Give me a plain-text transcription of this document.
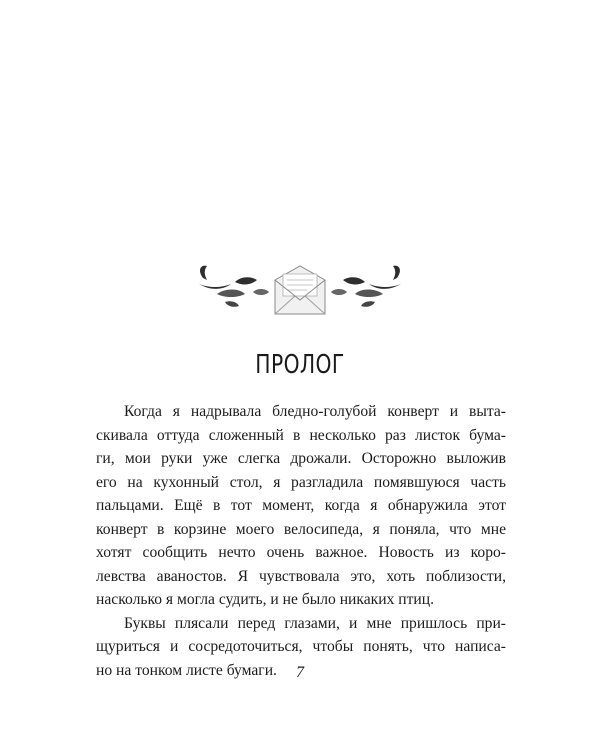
ПРОЛОГ

Когда я надрывала бледно-голубой конверт и выта-
скивала оттуда сложенный в несколько раз листок бума-
ги, мои руки уже слегка дрожали. Осторожно выложив
его на кухонный стол, я разгладила помявшуюся часть
пальцами. Ещё в тот момент, когда я обнаружила этот
конверт в корзине моего велосипеда, я поняла, что мне
хотят сообщить нечто очень важное. Новость из коро-
левства аваностов. Я чувствовала это, хоть поблизости,
насколько я могла судить, и не было никаких птиц.

Буквы плясали перед глазами, и мне пришлось при-
щуриться и сосредоточиться, чтобы понять, что написа-
но на тонком листе бумаги.	7
